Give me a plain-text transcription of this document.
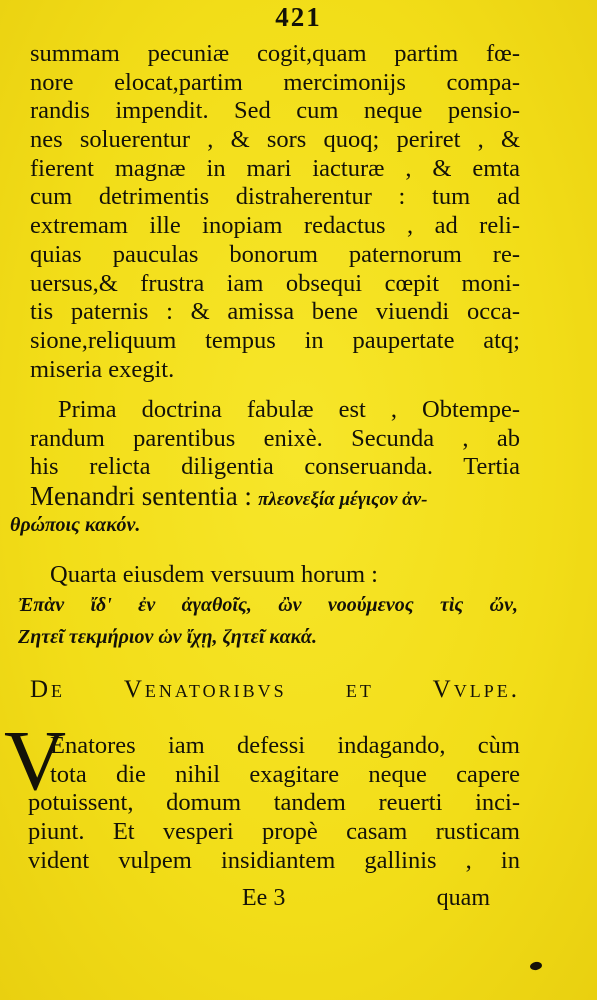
421
summam pecuniæ cogit,quam partim fœ-
nore elocat,partim mercimonijs compa-
randis impendit. Sed cum neque pensio-
nes soluerentur , & sors quoq; periret , &
fierent magnæ in mari iacturæ , & emta
cum detrimentis distraherentur : tum ad
extremam ille inopiam redactus , ad reli-
quias pauculas bonorum paternorum re-
uersus,& frustra iam obsequi cœpit moni-
tis paternis : & amissa bene viuendi occa-
sione,reliquum tempus in paupertate atq;
miseria exegit.
Prima doctrina fabulæ est , Obtempe-
randum parentibus enixè. Secunda , ab
his relicta diligentia conseruanda. Tertia
Menandri sententia : πλεονεξία μέγιςον ἀν-
θρώποις κακόν.
Quarta eiusdem versuum horum :
Ἐπὰν ἴδ' ἐν ἀγαθοῖς, ὢν νοούμενος τὶς ὤν,
Ζητεῖ τεκμήριον ὡν ἴχῃ, ζητεῖ κακά.
De Venatoribvs et Vvlpe.
V
Enatores iam defessi indagando, cùm
tota die nihil exagitare neque capere
potuissent, domum tandem reuerti inci-
piunt. Et vesperi propè casam rusticam
vident vulpem insidiantem gallinis , in
Ee 3	quam
